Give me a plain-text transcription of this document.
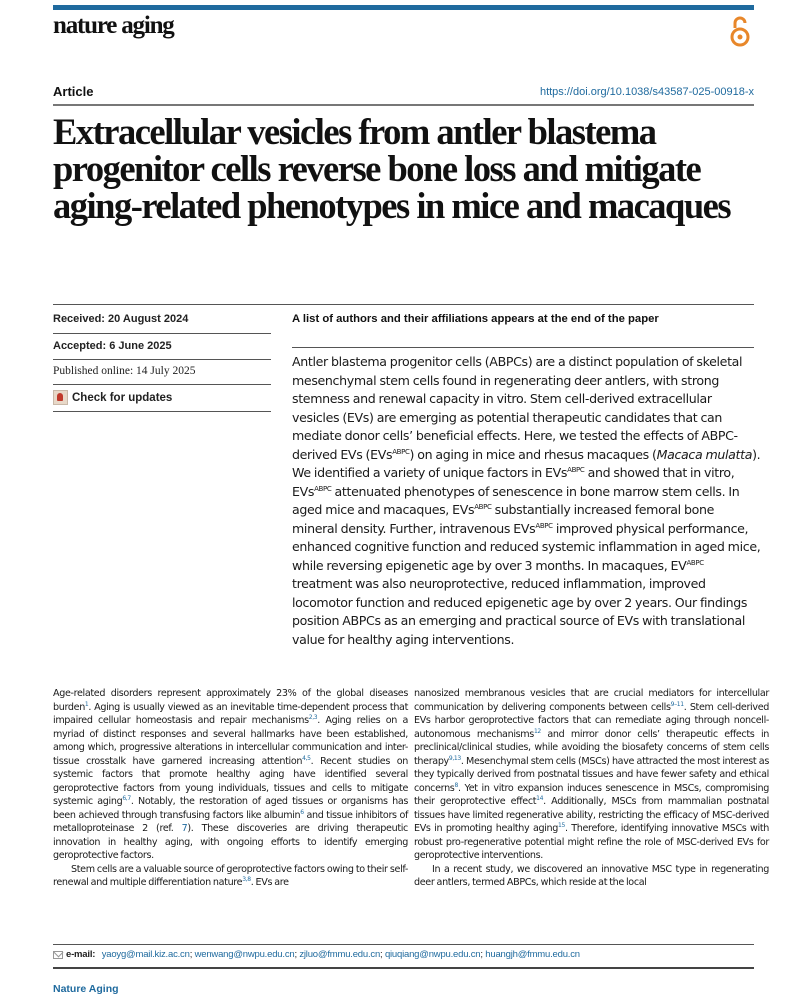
nature aging
Article	https://doi.org/10.1038/s43587-025-00918-x
Extracellular vesicles from antler blastema progenitor cells reverse bone loss and mitigate aging-related phenotypes in mice and macaques
Received: 20 August 2024
Accepted: 6 June 2025
Published online: 14 July 2025
Check for updates
A list of authors and their affiliations appears at the end of the paper
Antler blastema progenitor cells (ABPCs) are a distinct population of skeletal mesenchymal stem cells found in regenerating deer antlers, with strong stemness and renewal capacity in vitro. Stem cell-derived extracellular vesicles (EVs) are emerging as potential therapeutic candidates that can mediate donor cells’ beneficial effects. Here, we tested the effects of ABPC-derived EVs (EVs$^{ABPC}$) on aging in mice and rhesus macaques (Macaca mulatta). We identified a variety of unique factors in EVs$^{ABPC}$ and showed that in vitro, EVs$^{ABPC}$ attenuated phenotypes of senescence in bone marrow stem cells. In aged mice and macaques, EVs$^{ABPC}$ substantially increased femoral bone mineral density. Further, intravenous EVs$^{ABPC}$ improved physical performance, enhanced cognitive function and reduced systemic inflammation in aged mice, while reversing epigenetic age by over 3 months. In macaques, $EV^{ABPC}$ treatment was also neuroprotective, reduced inflammation, improved locomotor function and reduced epigenetic age by over 2 years. Our findings position ABPCs as an emerging and practical source of EVs with translational value for healthy aging interventions.

Age-related disorders represent approximately 23% of the global diseases burden$^1$. Aging is usually viewed as an inevitable time-dependent process that impaired cellular homeostasis and repair mechanisms$^{2,3}$. Aging relies on a myriad of distinct responses and several hallmarks have been established, among which, progressive alterations in intercellular communication and inter-tissue crosstalk have garnered increasing attention$^{4,5}$. Recent studies on systemic factors that promote healthy aging have identified several geroprotective factors from young individuals, tissues and cells to mitigate systemic aging$^{6,7}$. Notably, the restoration of aged tissues or organisms has been achieved through transfusing factors like albumin$^6$ and tissue inhibitors of metalloproteinase 2 (ref. 7). These discoveries are driving therapeutic innovation in healthy aging, with ongoing efforts to identify emerging geroprotective factors.

Stem cells are a valuable source of geroprotective factors owing to their self-renewal and multiple differentiation nature$^{3,8}$. EVs are

nanosized membranous vesicles that are crucial mediators for intercellular communication by delivering components between cells$^{9-11}$. Stem cell-derived EVs harbor geroprotective factors that can remediate aging through noncell-autonomous mechanisms$^{12}$ and mirror donor cells’ therapeutic effects in preclinical/clinical studies, while avoiding the biosafety concerns of stem cells therapy$^{9,13}$. Mesenchymal stem cells (MSCs) have attracted the most interest as they typically derived from postnatal tissues and have fewer safety and ethical concerns$^8$. Yet in vitro expansion induces senescence in MSCs, compromising their geroprotective effect$^{14}$. Additionally, MSCs from mammalian postnatal tissues have limited regenerative ability, restricting the efficacy of MSC-derived EVs in promoting healthy aging$^{15}$. Therefore, identifying innovative MSCs with robust pro-regenerative potential might refine the role of MSC-derived EVs for geroprotective interventions.

In a recent study, we discovered an innovative MSC type in regenerating deer antlers, termed ABPCs, which reside at the local

e-mail:
yaoyg@mail.kiz.ac.cn; wenwang@nwpu.edu.cn; zjluo@fmmu.edu.cn; qiuqiang@nwpu.edu.cn; huangjh@fmmu.edu.cn
Nature Aging
